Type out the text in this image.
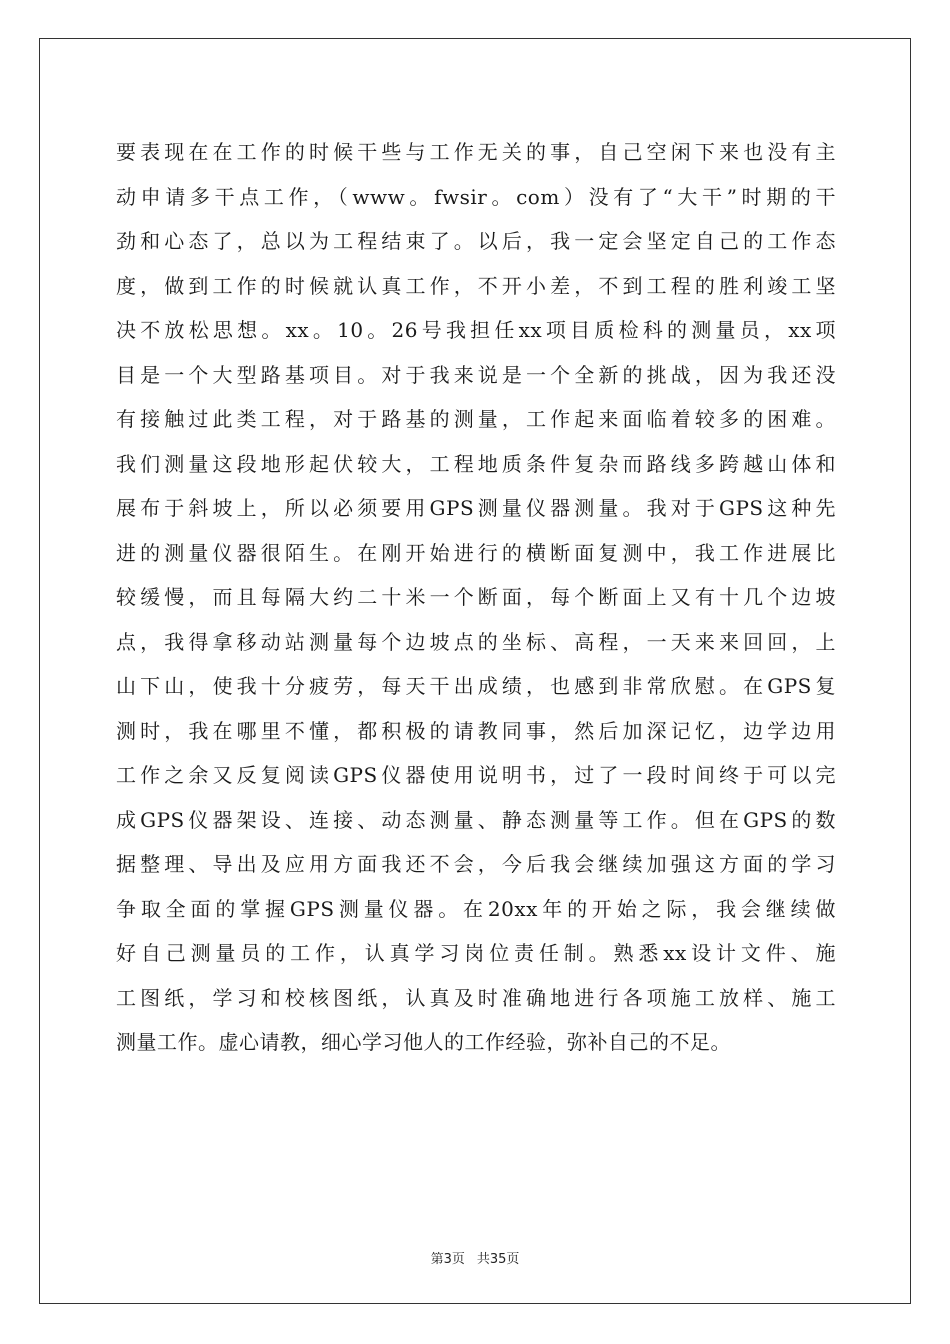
要表现在在工作的时候干些与工作无关的事，自己空闲下来也没有主
动申请多干点工作，（www。fwsir。com）没有了“大干”时期的干
劲和心态了，总以为工程结束了。以后，我一定会坚定自己的工作态
度，做到工作的时候就认真工作，不开小差，不到工程的胜利竣工坚
决不放松思想。xx。10。26号我担任xx项目质检科的测量员，xx项
目是一个大型路基项目。对于我来说是一个全新的挑战，因为我还没
有接触过此类工程，对于路基的测量，工作起来面临着较多的困难。
我们测量这段地形起伏较大，工程地质条件复杂而路线多跨越山体和
展布于斜坡上，所以必须要用GPS测量仪器测量。我对于GPS这种先
进的测量仪器很陌生。在刚开始进行的横断面复测中，我工作进展比
较缓慢，而且每隔大约二十米一个断面，每个断面上又有十几个边坡
点，我得拿移动站测量每个边坡点的坐标、高程，一天来来回回，上
山下山，使我十分疲劳，每天干出成绩，也感到非常欣慰。在GPS复
测时，我在哪里不懂，都积极的请教同事，然后加深记忆，边学边用
工作之余又反复阅读GPS仪器使用说明书，过了一段时间终于可以完
成GPS仪器架设、连接、动态测量、静态测量等工作。但在GPS的数
据整理、导出及应用方面我还不会，今后我会继续加强这方面的学习
争取全面的掌握GPS测量仪器。在20xx年的开始之际，我会继续做
好自己测量员的工作，认真学习岗位责任制。熟悉xx设计文件、施
工图纸，学习和校核图纸，认真及时准确地进行各项施工放样、施工
测量工作。虚心请教，细心学习他人的工作经验，弥补自己的不足。
第3页 共35页
